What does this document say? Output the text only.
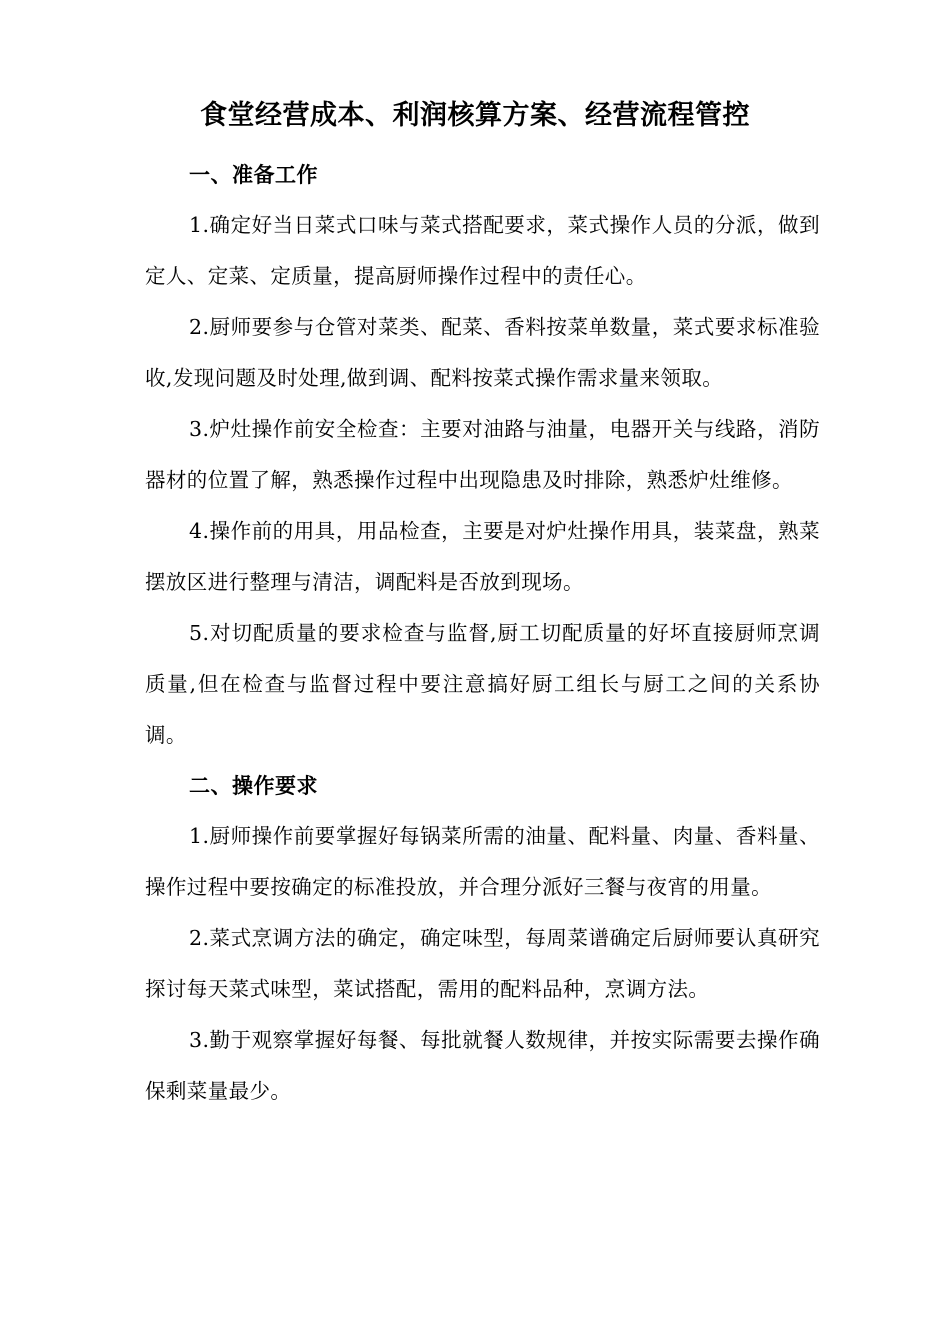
食堂经营成本、利润核算方案、经营流程管控

一、准备工作

1.确定好当日菜式口味与菜式搭配要求，菜式操作人员的分派，做到定人、定菜、定质量，提高厨师操作过程中的责任心。

2.厨师要参与仓管对菜类、配菜、香料按菜单数量，菜式要求标准验收,发现问题及时处理,做到调、配料按菜式操作需求量来领取。

3.炉灶操作前安全检查：主要对油路与油量，电器开关与线路，消防器材的位置了解，熟悉操作过程中出现隐患及时排除，熟悉炉灶维修。

4.操作前的用具，用品检查，主要是对炉灶操作用具，装菜盘，熟菜摆放区进行整理与清洁，调配料是否放到现场。

5.对切配质量的要求检查与监督,厨工切配质量的好坏直接厨师烹调质量,但在检查与监督过程中要注意搞好厨工组长与厨工之间的关系协调。

二、操作要求

1.厨师操作前要掌握好每锅菜所需的油量、配料量、肉量、香料量、操作过程中要按确定的标准投放，并合理分派好三餐与夜宵的用量。

2.菜式烹调方法的确定，确定味型，每周菜谱确定后厨师要认真研究探讨每天菜式味型，菜试搭配，需用的配料品种，烹调方法。

3.勤于观察掌握好每餐、每批就餐人数规律，并按实际需要去操作确保剩菜量最少。
